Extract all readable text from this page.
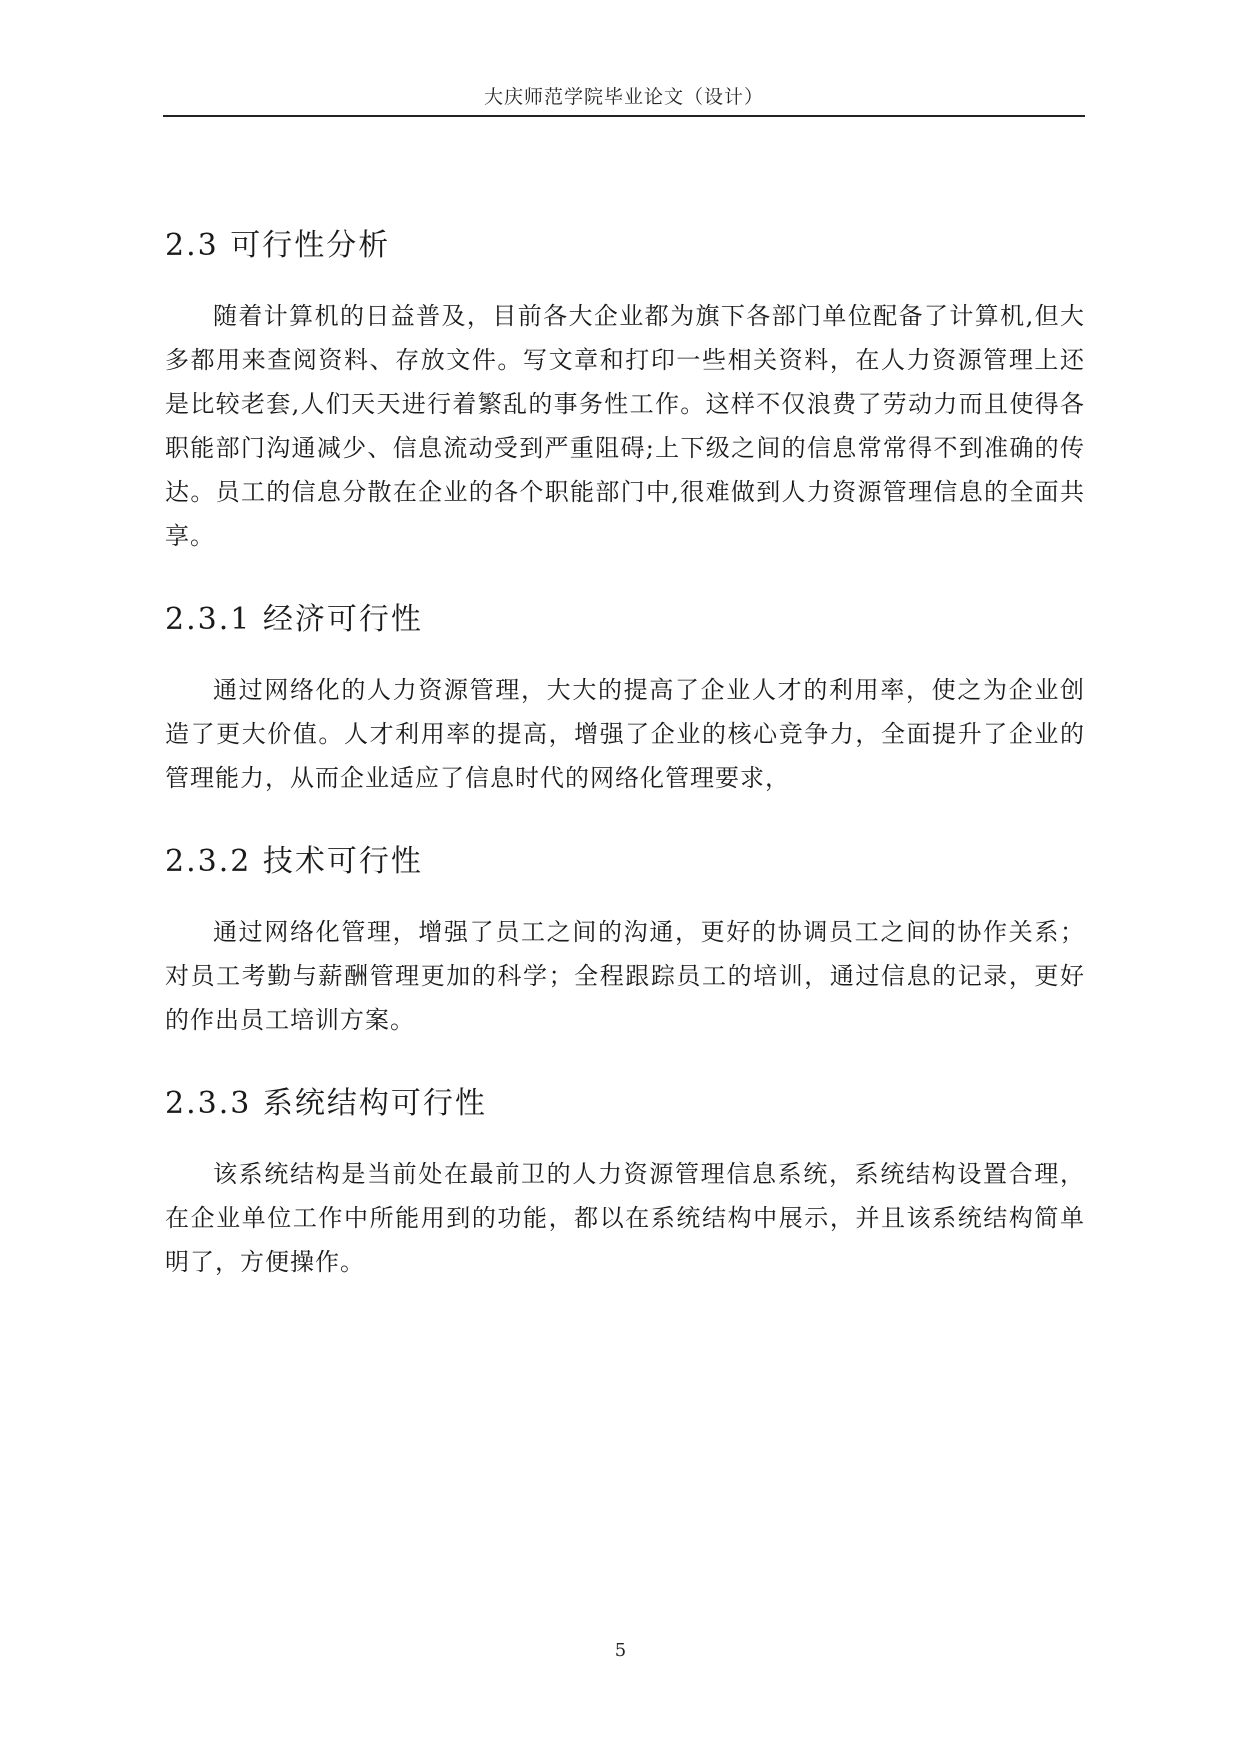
大庆师范学院毕业论文（设计）
2.3 可行性分析

随着计算机的日益普及，目前各大企业都为旗下各部门单位配备了计算机,但大多都用来查阅资料、存放文件。写文章和打印一些相关资料，在人力资源管理上还是比较老套,人们天天进行着繁乱的事务性工作。这样不仅浪费了劳动力而且使得各职能部门沟通减少、信息流动受到严重阻碍;上下级之间的信息常常得不到准确的传达。员工的信息分散在企业的各个职能部门中,很难做到人力资源管理信息的全面共享。

2.3.1 经济可行性

通过网络化的人力资源管理，大大的提高了企业人才的利用率，使之为企业创造了更大价值。人才利用率的提高，增强了企业的核心竞争力，全面提升了企业的管理能力，从而企业适应了信息时代的网络化管理要求，

2.3.2 技术可行性

通过网络化管理，增强了员工之间的沟通，更好的协调员工之间的协作关系；对员工考勤与薪酬管理更加的科学；全程跟踪员工的培训，通过信息的记录，更好的作出员工培训方案。

2.3.3 系统结构可行性

该系统结构是当前处在最前卫的人力资源管理信息系统，系统结构设置合理，在企业单位工作中所能用到的功能，都以在系统结构中展示，并且该系统结构简单明了，方便操作。

5
